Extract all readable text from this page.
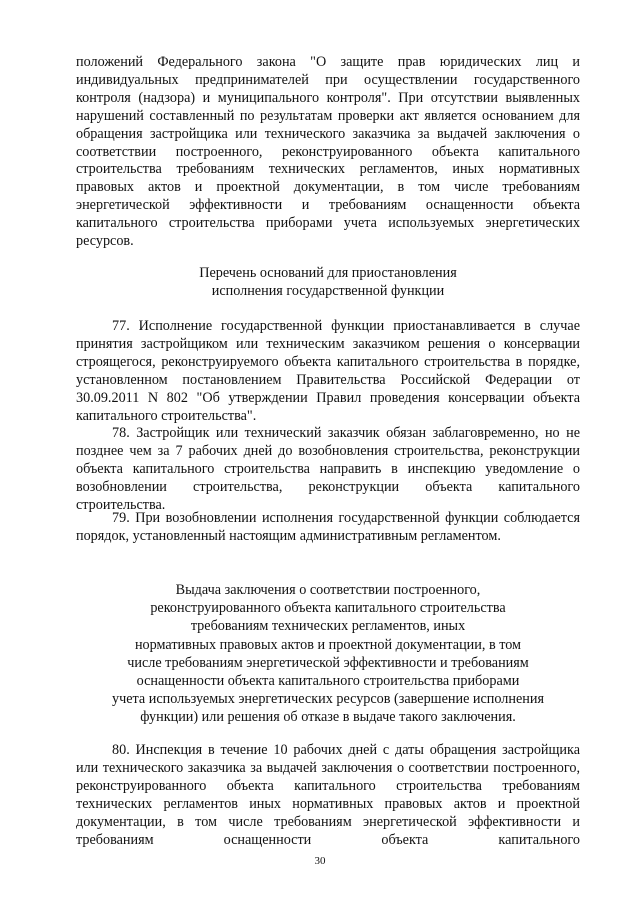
положений Федерального закона "О защите прав юридических лиц и индивидуальных предпринимателей при осуществлении государственного контроля (надзора) и муниципального контроля". При отсутствии выявленных нарушений составленный по результатам проверки акт является основанием для обращения застройщика или технического заказчика за выдачей заключения о соответствии построенного, реконструированного объекта капитального строительства требованиям технических регламентов, иных нормативных правовых актов и проектной документации, в том числе требованиям энергетической эффективности и требованиям оснащенности объекта капитального строительства приборами учета используемых энергетических ресурсов.

Перечень оснований для приостановления
исполнения государственной функции

77. Исполнение государственной функции приостанавливается в случае принятия застройщиком или техническим заказчиком решения о консервации строящегося, реконструируемого объекта капитального строительства в порядке, установленном постановлением Правительства Российской Федерации от 30.09.2011 N 802 "Об утверждении Правил проведения консервации объекта капитального строительства".

78. Застройщик или технический заказчик обязан заблаговременно, но не позднее чем за 7 рабочих дней до возобновления строительства, реконструкции объекта капитального строительства направить в инспекцию уведомление о возобновлении строительства, реконструкции объекта капитального строительства.

79. При возобновлении исполнения государственной функции соблюдается порядок, установленный настоящим административным регламентом.

Выдача заключения о соответствии построенного,
реконструированного объекта капитального строительства
требованиям технических регламентов, иных
нормативных правовых актов и проектной документации, в том
числе требованиям энергетической эффективности и требованиям
оснащенности объекта капитального строительства приборами
учета используемых энергетических ресурсов (завершение исполнения
функции) или решения об отказе в выдаче такого заключения.

80. Инспекция в течение 10 рабочих дней с даты обращения застройщика или технического заказчика за выдачей заключения о соответствии построенного, реконструированного объекта капитального строительства требованиям технических регламентов иных нормативных правовых актов и проектной документации, в том числе требованиям энергетической эффективности и требованиям оснащенности объекта капитального

30
